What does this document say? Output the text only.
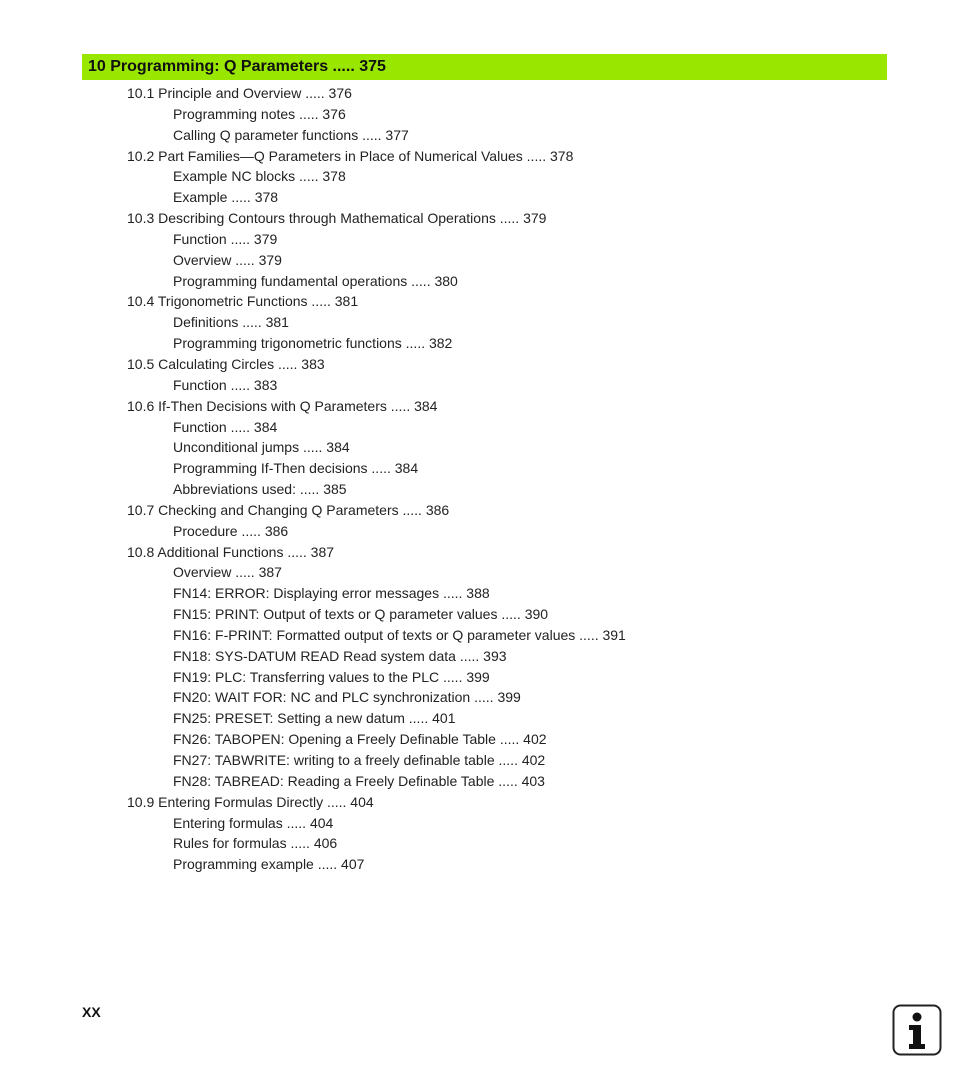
10 Programming: Q Parameters ..... 375
10.1 Principle and Overview ..... 376
Programming notes ..... 376
Calling Q parameter functions ..... 377
10.2 Part Families—Q Parameters in Place of Numerical Values ..... 378
Example NC blocks ..... 378
Example ..... 378
10.3 Describing Contours through Mathematical Operations ..... 379
Function ..... 379
Overview ..... 379
Programming fundamental operations ..... 380
10.4 Trigonometric Functions ..... 381
Definitions ..... 381
Programming trigonometric functions ..... 382
10.5 Calculating Circles ..... 383
Function ..... 383
10.6 If-Then Decisions with Q Parameters ..... 384
Function ..... 384
Unconditional jumps ..... 384
Programming If-Then decisions ..... 384
Abbreviations used: ..... 385
10.7 Checking and Changing Q Parameters ..... 386
Procedure ..... 386
10.8 Additional Functions ..... 387
Overview ..... 387
FN14: ERROR: Displaying error messages ..... 388
FN15: PRINT: Output of texts or Q parameter values ..... 390
FN16: F-PRINT: Formatted output of texts or Q parameter values ..... 391
FN18: SYS-DATUM READ Read system data ..... 393
FN19: PLC: Transferring values to the PLC ..... 399
FN20: WAIT FOR: NC and PLC synchronization ..... 399
FN25: PRESET: Setting a new datum ..... 401
FN26: TABOPEN: Opening a Freely Definable Table ..... 402
FN27: TABWRITE: writing to a freely definable table ..... 402
FN28: TABREAD: Reading a Freely Definable Table ..... 403
10.9 Entering Formulas Directly ..... 404
Entering formulas ..... 404
Rules for formulas ..... 406
Programming example ..... 407
XX
